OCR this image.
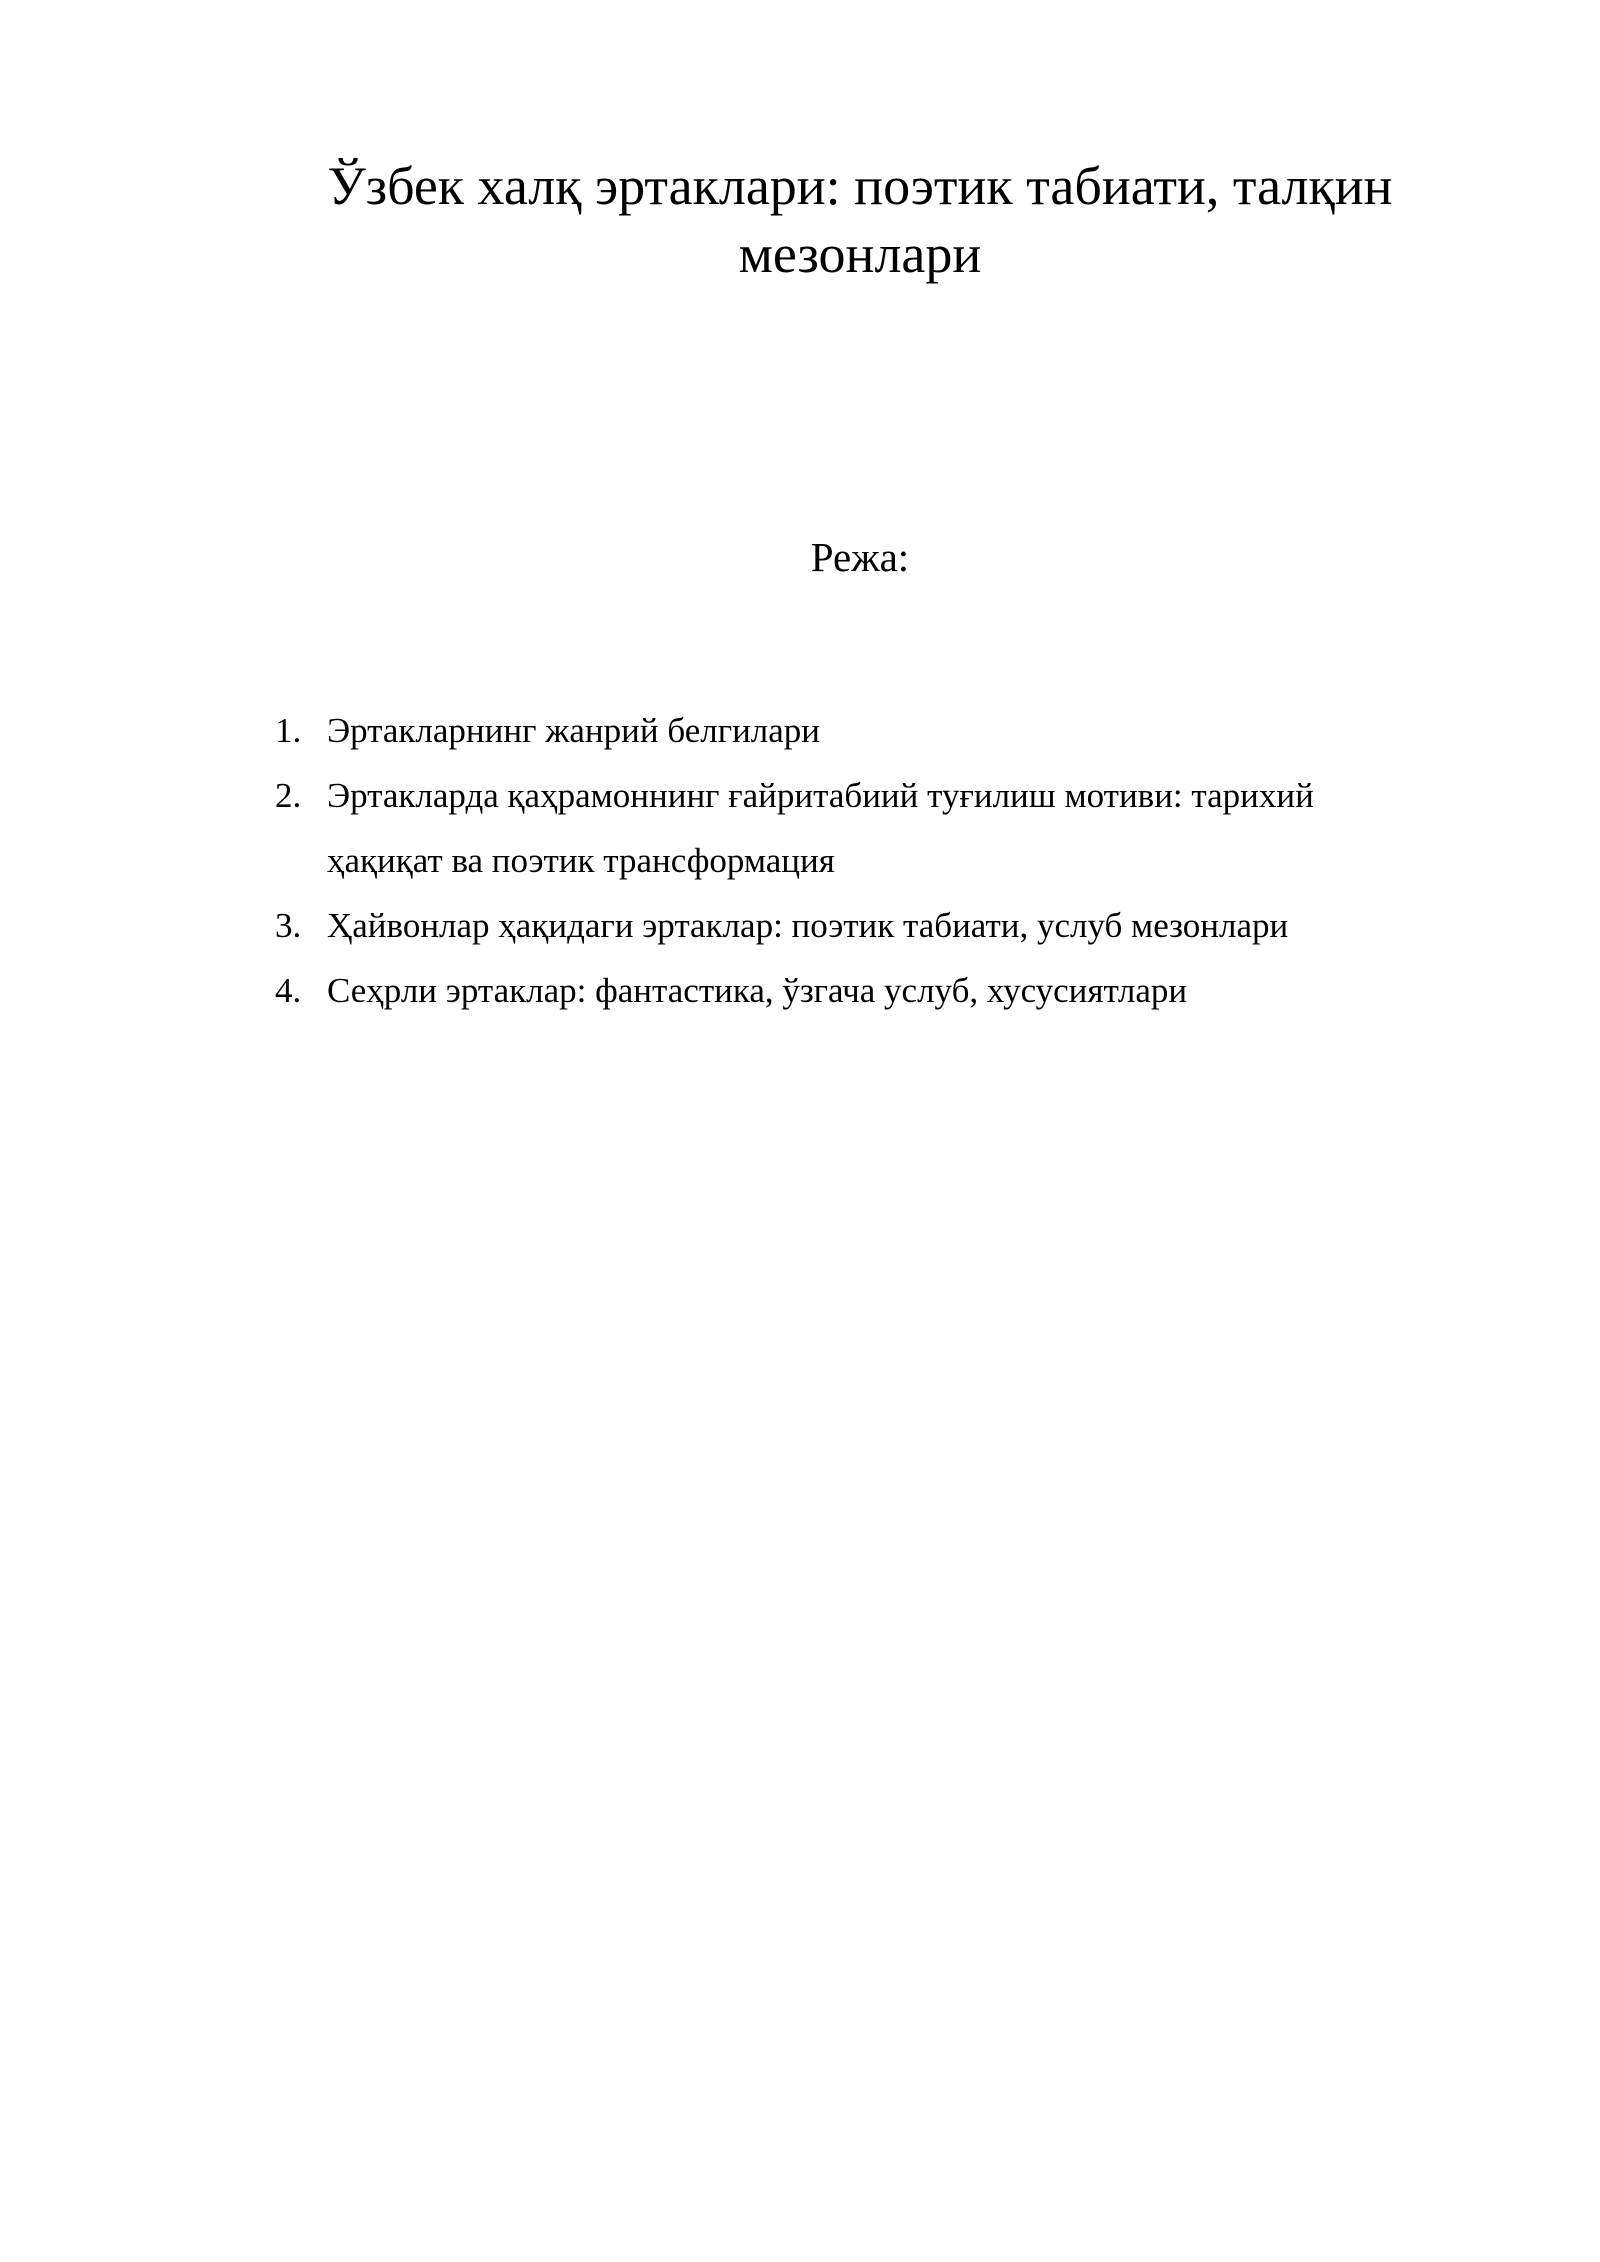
Ўзбек халқ эртаклари: поэтик табиати, талқин мезонлари
Режа:
1. Эртакларнинг жанрий белгилари
2. Эртакларда қаҳрамоннинг ғайритабиий туғилиш мотиви: тарихий ҳақиқат ва поэтик трансформация
3. Ҳайвонлар ҳақидаги эртаклар: поэтик табиати, услуб мезонлари
4. Сеҳрли эртаклар: фантастика, ўзгача услуб, хусусиятлари
